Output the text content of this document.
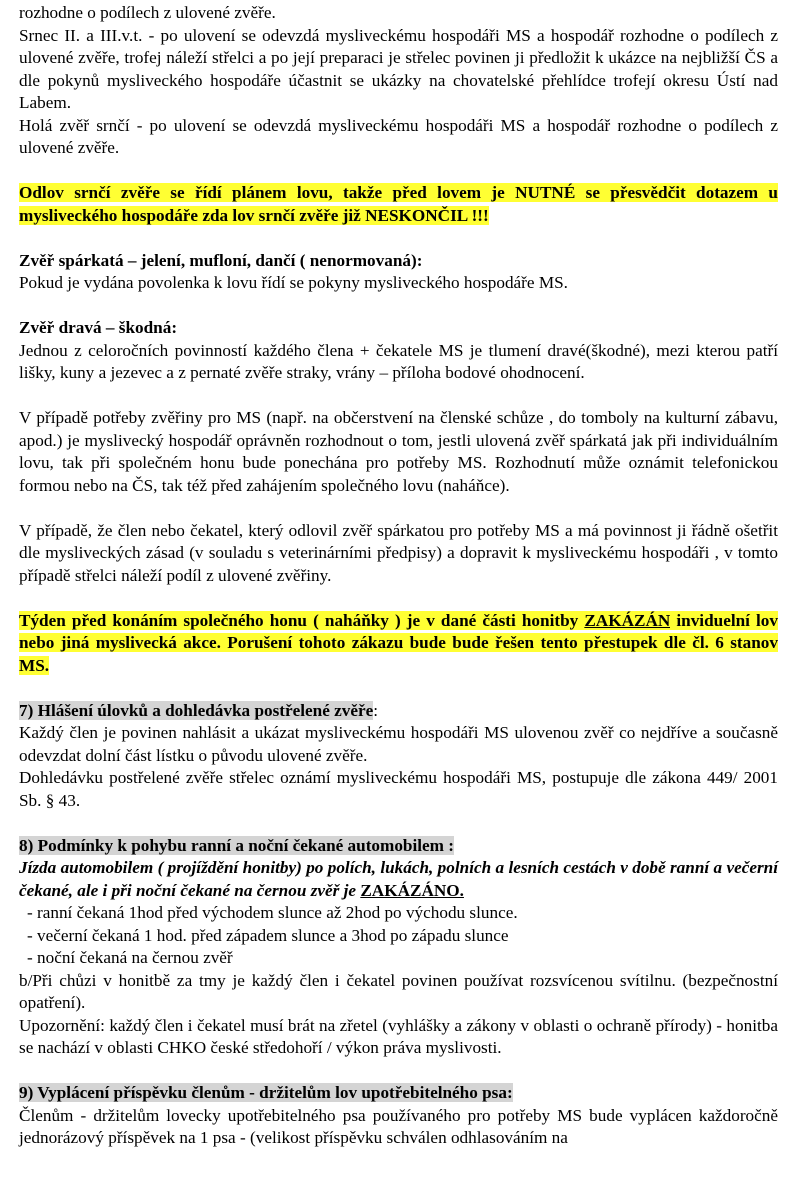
rozhodne o podílech z ulovené zvěře.

Srnec II. a III.v.t. - po ulovení se odevzdá mysliveckému hospodáři MS a hospodář rozhodne o podílech z ulovené zvěře, trofej náleží střelci a po její preparaci je střelec povinen ji předložit k ukázce na nejbližší ČS a dle pokynů mysliveckého hospodáře účastnit se ukázky na chovatelské přehlídce trofejí okresu Ústí nad Labem.

Holá zvěř srnčí - po ulovení se odevzdá mysliveckému hospodáři MS a hospodář rozhodne o podílech z ulovené zvěře.

Odlov srnčí zvěře se řídí plánem lovu, takže před lovem je NUTNÉ se přesvědčit dotazem u mysliveckého hospodáře zda lov srnčí zvěře již NESKONČIL !!!

Zvěř spárkatá – jelení, mufloní, dančí ( nenormovaná):

Pokud je vydána povolenka k lovu řídí se pokyny mysliveckého hospodáře MS.

Zvěř dravá – škodná:

Jednou z celoročních povinností každého člena + čekatele MS je tlumení dravé(škodné), mezi kterou patří lišky, kuny a jezevec a z pernaté zvěře straky, vrány – příloha bodové ohodnocení.

V případě potřeby zvěřiny pro MS (např. na občerstvení na členské schůze , do tomboly na kulturní zábavu, apod.) je myslivecký hospodář oprávněn rozhodnout o tom, jestli ulovená zvěř spárkatá jak při individuálním lovu, tak při společném honu bude ponechána pro potřeby MS. Rozhodnutí může oznámit telefonickou formou nebo na ČS, tak též před zahájením společného lovu (naháňce).

V případě, že člen nebo čekatel, který odlovil zvěř spárkatou pro potřeby MS a má povinnost ji řádně ošetřit dle mysliveckých zásad (v souladu s veterinárními předpisy) a dopravit k mysliveckému hospodáři , v tomto případě střelci náleží podíl z ulovené zvěřiny.

Týden před konáním společného honu ( naháňky ) je v dané části honitby ZAKÁZÁN inviduelní lov nebo jiná myslivecká akce. Porušení tohoto zákazu bude bude řešen tento přestupek dle čl. 6 stanov MS.

7) Hlášení úlovků a dohledávka postřelené zvěře:

Každý člen je povinen nahlásit a ukázat mysliveckému hospodáři MS ulovenou zvěř co nejdříve a současně odevzdat dolní část lístku o původu ulovené zvěře.

Dohledávku postřelené zvěře střelec oznámí mysliveckému hospodáři MS, postupuje dle zákona 449/ 2001 Sb. § 43.

8) Podmínky k pohybu ranní a noční čekané automobilem :

Jízda automobilem ( projíždění honitby) po polích, lukách, polních a lesních cestách v době ranní a večerní čekané, ale i při noční čekané na černou zvěř je ZAKÁZÁNO.

- ranní čekaná 1hod před východem slunce až 2hod po východu slunce.

- večerní čekaná 1 hod. před západem slunce a 3hod po západu slunce

- noční čekaná na černou zvěř

b/Při chůzi v honitbě za tmy je každý člen i čekatel povinen používat rozsvícenou svítilnu. (bezpečnostní opatření).

Upozornění: každý člen i čekatel musí brát na zřetel (vyhlášky a zákony v oblasti o ochraně přírody) - honitba se nachází v oblasti CHKO české středohoří / výkon práva myslivosti.

9) Vyplácení příspěvku členům - držitelům lov upotřebitelného psa:

Členům - držitelům lovecky upotřebitelného psa používaného pro potřeby MS bude vyplácen každoročně jednorázový příspěvek na 1 psa - (velikost příspěvku schválen odhlasováním na
